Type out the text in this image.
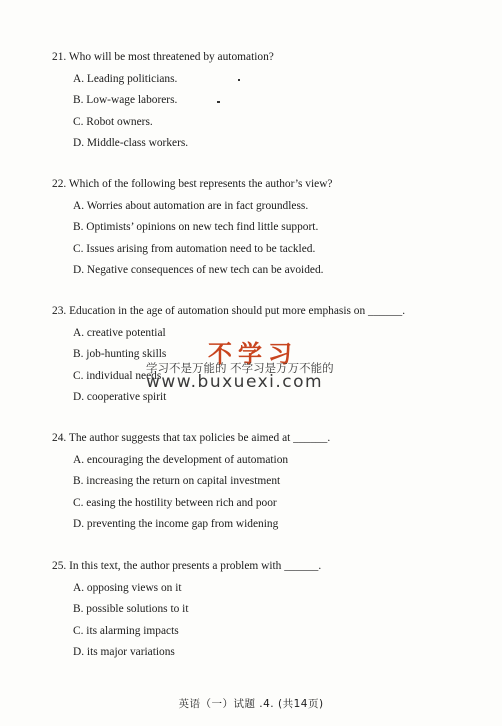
21. Who will be most threatened by automation?
A. Leading politicians.
B. Low-wage laborers.
C. Robot owners.
D. Middle-class workers.
22. Which of the following best represents the author’s view?
A. Worries about automation are in fact groundless.
B. Optimists’ opinions on new tech find little support.
C. Issues arising from automation need to be tackled.
D. Negative consequences of new tech can be avoided.
23. Education in the age of automation should put more emphasis on ______.
A. creative potential
B. job-hunting skills
C. individual needs
D. cooperative spirit
24. The author suggests that tax policies be aimed at ______.
A. encouraging the development of automation
B. increasing the return on capital investment
C. easing the hostility between rich and poor
D. preventing the income gap from widening
25. In this text, the author presents a problem with ______.
A. opposing views on it
B. possible solutions to it
C. its alarming impacts
D. its major variations
不学习
学习不是万能的 不学习是万万不能的
www.buxuexi.com
英语（一）试题 .4. (共14页)
